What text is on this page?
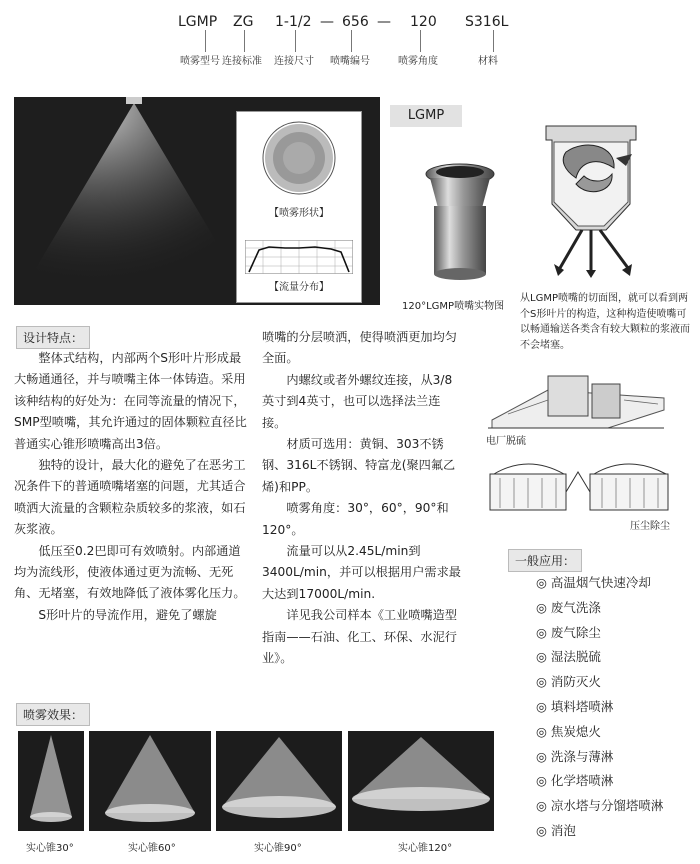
LGMP ZG 1-1/2 — 656 — 120 S316L
喷雾型号 连接标准 连接尺寸 喷嘴编号	喷雾角度	材料
【喷雾形状】
【流量分布】
LGMP
120°LGMP喷嘴实物图
从LGMP喷嘴的切面图，就可以看到两个S形叶片的构造，这种构造使喷嘴可以畅通输送各类含有较大颗粒的浆液而不会堵塞。
设计特点：

整体式结构，内部两个S形叶片形成最大畅通通径，并与喷嘴主体一体铸造。采用该种结构的好处为：在同等流量的情况下，SMP型喷嘴，其允许通过的固体颗粒直径比普通实心锥形喷嘴高出3倍。

独特的设计，最大化的避免了在恶劣工况条件下的普通喷嘴堵塞的问题，尤其适合喷洒大流量的含颗粒杂质较多的浆液，如石灰浆液。

低压至0.2巴即可有效喷射。内部通道均为流线形，使液体通过更为流畅、无死角、无堵塞，有效地降低了液体雾化压力。

S形叶片的导流作用，避免了螺旋

喷嘴的分层喷洒，使得喷洒更加均匀全面。

内螺纹或者外螺纹连接，从3/8英寸到4英寸，也可以选择法兰连接。

材质可选用：黄铜、303不锈钢、316L不锈钢、特富龙(聚四氟乙烯)和PP。

喷雾角度：30°，60°，90°和120°。

流量可以从2.45L/min到3400L/min，并可以根据用户需求最大达到17000L/min.

详见我公司样本《工业喷嘴造型指南——石油、化工、环保、水泥行业》。

电厂脱硫
压尘除尘
一般应用：
◎ 高温烟气快速冷却
◎ 废气洗涤
◎ 废气除尘
◎ 湿法脱硫
◎ 消防灭火
◎ 填料塔喷淋
◎ 焦炭熄火
◎ 洗涤与薄淋
◎ 化学塔喷淋
◎ 凉水塔与分馏塔喷淋
◎ 消泡
喷雾效果：
实心锥30°	实心锥60°	实心锥90°	实心锥120°
